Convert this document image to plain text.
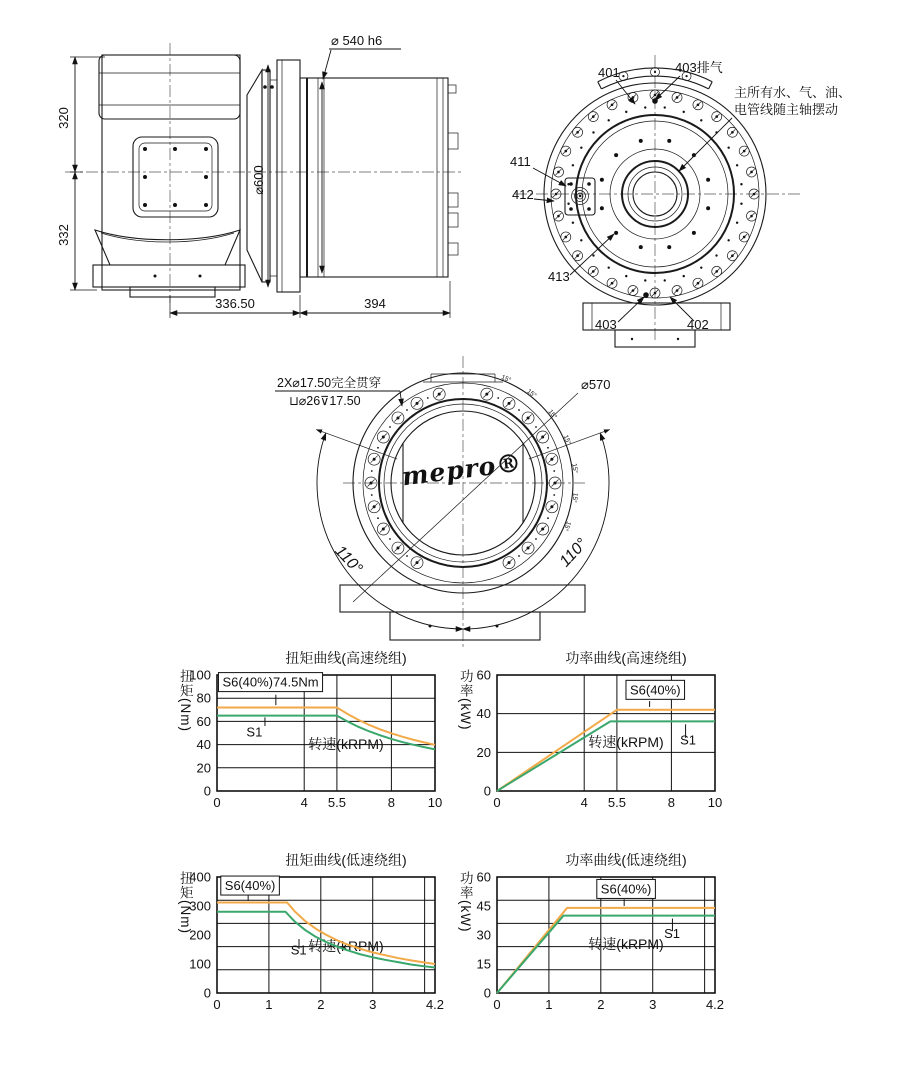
320
332
⌀600
⌀ 540 h6
336.50	394
401	403排气
主所有水、气、油、
电管线随主轴摆动
411
412
413
403	402
15°
15°
15°
15°
15°
15°
15°
mepro®
110°	110°
⌀570
2X⌀17.50完全贯穿
⊔⌀26⊽17.50
扭矩曲线(高速绕组)
扭矩(Nm)
0
20
40
60
80
100
0	4 5.5	8	10
S6(40%)74.5Nm
S1
转速(kRPM)
功率曲线(高速绕组)
功率(kW)
0
20
40
60
0	4 5.5	8	10
S6(40%)
S1
转速(kRPM)
扭矩曲线(低速绕组)
扭矩(Nm)
0
100
200
300
400
0	1	2	3	4.2
S6(40%)
S1 转速(kRPM)
功率曲线(低速绕组)
功率(kW)
0
15
30
45
60
0	1	2	3	4.2
S6(40%)
S1
转速(kRPM)
